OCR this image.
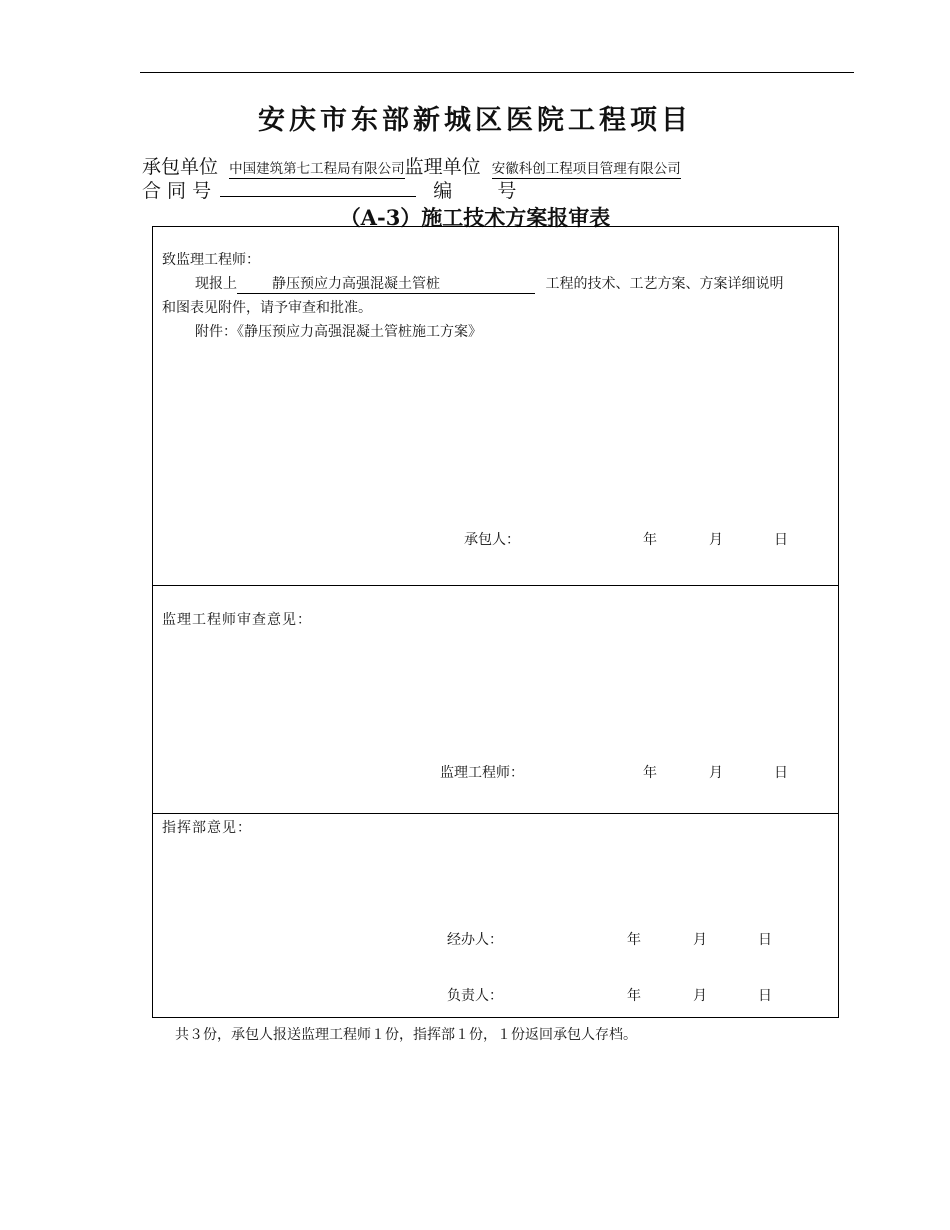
安庆市东部新城区医院工程项目
承包单位 中国建筑第七工程局有限公司监理单位 安徽科创工程项目管理有限公司
合 同 号	编 号
（A-3）施工技术方案报审表
致监理工程师：
现报上	静压预应力高强混凝土管桩	工程的技术、工艺方案、方案详细说明
和图表见附件，请予审查和批准。
附件：《静压预应力高强混凝土管桩施工方案》
承包人：	年	月	日
监理工程师审查意见：
监理工程师：	年	月	日
指挥部意见：
经办人：	年	月	日
负责人：	年	月	日
共３份，承包人报送监理工程师１份，指挥部１份，１份返回承包人存档。
